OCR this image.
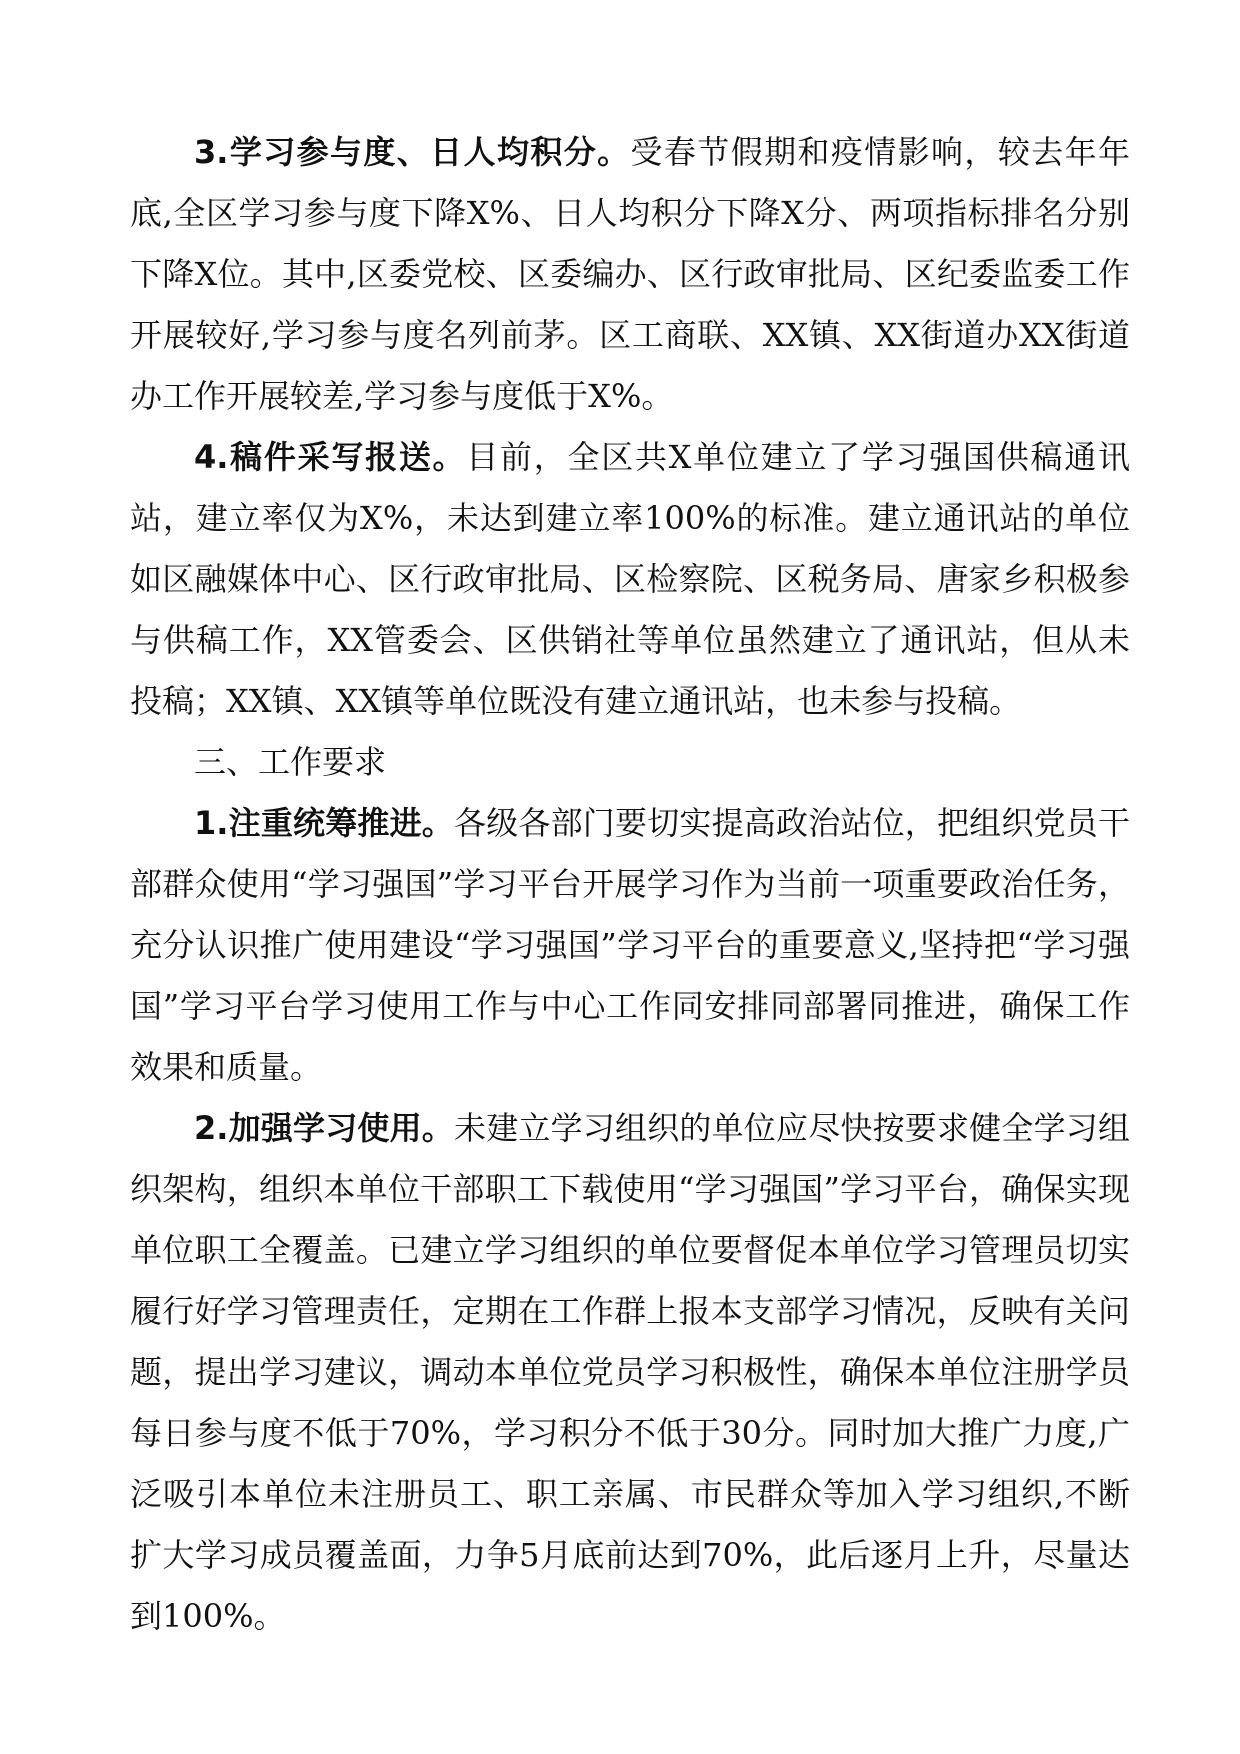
3.学习参与度、日人均积分。受春节假期和疫情影响，较去年年底,全区学习参与度下降X%、日人均积分下降X分、两项指标排名分别下降X位。其中,区委党校、区委编办、区行政审批局、区纪委监委工作开展较好,学习参与度名列前茅。区工商联、XX镇、XX街道办XX街道办工作开展较差,学习参与度低于X%。

4.稿件采写报送。目前，全区共X单位建立了学习强国供稿通讯站，建立率仅为X%，未达到建立率100%的标准。建立通讯站的单位如区融媒体中心、区行政审批局、区检察院、区税务局、唐家乡积极参与供稿工作，XX管委会、区供销社等单位虽然建立了通讯站，但从未投稿；XX镇、XX镇等单位既没有建立通讯站，也未参与投稿。

三、工作要求

1.注重统筹推进。各级各部门要切实提高政治站位，把组织党员干部群众使用“学习强国”学习平台开展学习作为当前一项重要政治任务，充分认识推广使用建设“学习强国”学习平台的重要意义,坚持把“学习强国”学习平台学习使用工作与中心工作同安排同部署同推进，确保工作效果和质量。

2.加强学习使用。未建立学习组织的单位应尽快按要求健全学习组织架构，组织本单位干部职工下载使用“学习强国”学习平台，确保实现单位职工全覆盖。已建立学习组织的单位要督促本单位学习管理员切实履行好学习管理责任，定期在工作群上报本支部学习情况，反映有关问题，提出学习建议，调动本单位党员学习积极性，确保本单位注册学员每日参与度不低于70%，学习积分不低于30分。同时加大推广力度,广泛吸引本单位未注册员工、职工亲属、市民群众等加入学习组织,不断扩大学习成员覆盖面，力争5月底前达到70%，此后逐月上升，尽量达到100%。
